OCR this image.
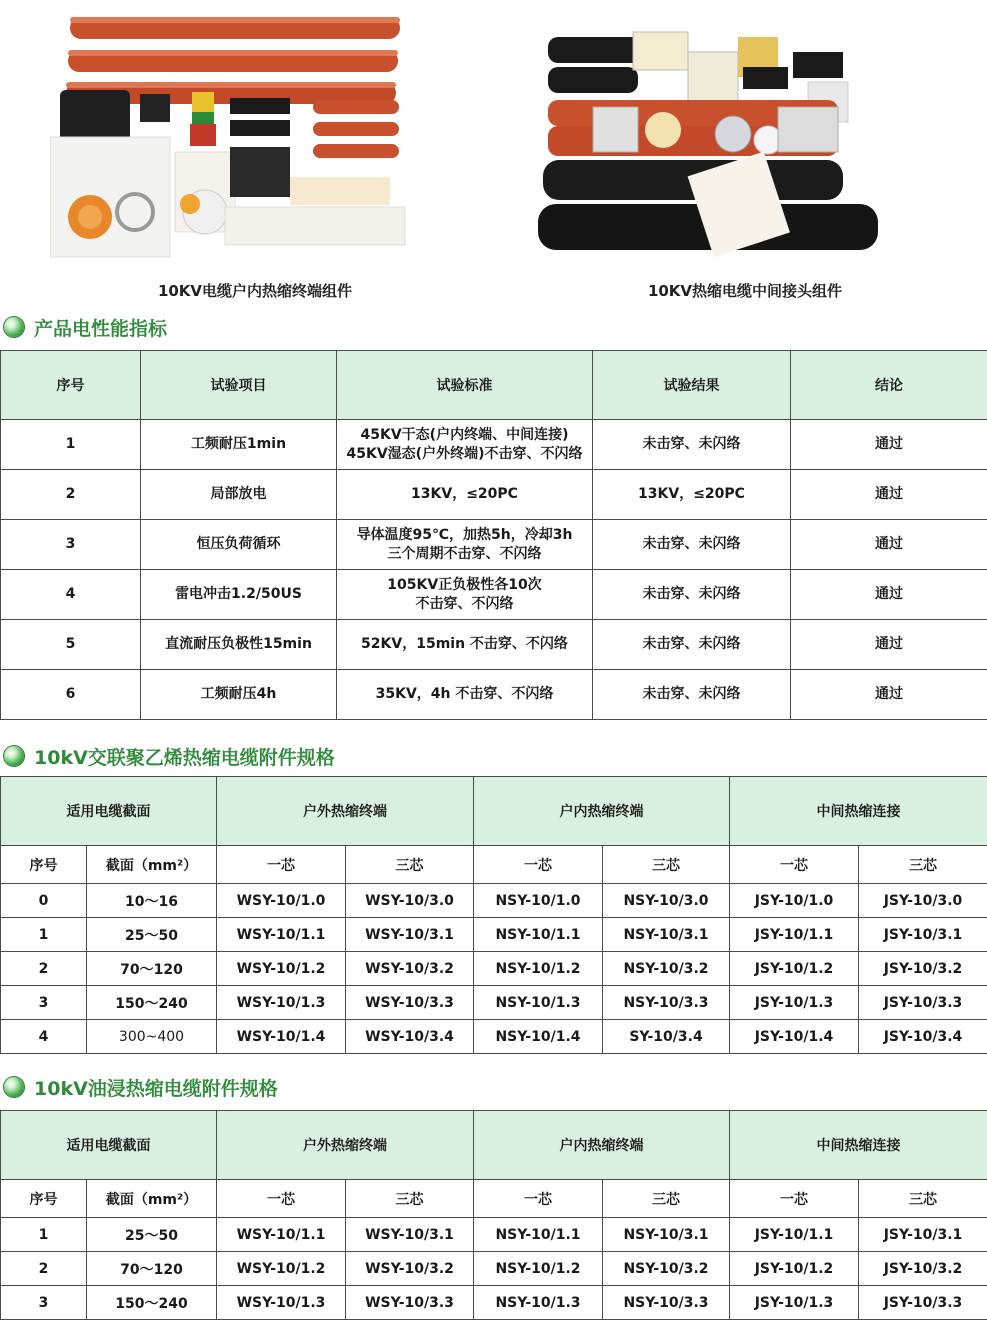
10KV电缆户内热缩终端组件	10KV热缩电缆中间接头组件
产品电性能指标
序号	试验项目	试验标准	试验结果	结论
1	工频耐压1min	45KV干态(户内终端、中间连接)
45KV湿态(户外终端)不击穿、不闪络	未击穿、未闪络	通过
2	局部放电	13KV，≤20PC	13KV，≤20PC	通过
3	恒压负荷循环	导体温度95℃，加热5h，冷却3h
三个周期不击穿、不闪络	未击穿、未闪络	通过
4	雷电冲击1.2/50US	105KV正负极性各10次
不击穿、不闪络	未击穿、未闪络	通过
5	直流耐压负极性15min	52KV，15min 不击穿、不闪络	未击穿、未闪络	通过
6	工频耐压4h	35KV，4h 不击穿、不闪络	未击穿、未闪络	通过
10kV交联聚乙烯热缩电缆附件规格
适用电缆截面		户外热缩终端		户内热缩终端		中间热缩连接	
序号	截面（mm²）	一芯	三芯	一芯	三芯	一芯	三芯
0	10～16	WSY-10/1.0	WSY-10/3.0	NSY-10/1.0	NSY-10/3.0	JSY-10/1.0	JSY-10/3.0
1	25～50	WSY-10/1.1	WSY-10/3.1	NSY-10/1.1	NSY-10/3.1	JSY-10/1.1	JSY-10/3.1
2	70～120	WSY-10/1.2	WSY-10/3.2	NSY-10/1.2	NSY-10/3.2	JSY-10/1.2	JSY-10/3.2
3	150～240	WSY-10/1.3	WSY-10/3.3	NSY-10/1.3	NSY-10/3.3	JSY-10/1.3	JSY-10/3.3
4	300~400	WSY-10/1.4	WSY-10/3.4	NSY-10/1.4	SY-10/3.4	JSY-10/1.4	JSY-10/3.4
10kV油浸热缩电缆附件规格
适用电缆截面		户外热缩终端		户内热缩终端		中间热缩连接	
序号	截面（mm²）	一芯	三芯	一芯	三芯	一芯	三芯
1	25～50	WSY-10/1.1	WSY-10/3.1	NSY-10/1.1	NSY-10/3.1	JSY-10/1.1	JSY-10/3.1
2	70～120	WSY-10/1.2	WSY-10/3.2	NSY-10/1.2	NSY-10/3.2	JSY-10/1.2	JSY-10/3.2
3	150～240	WSY-10/1.3	WSY-10/3.3	NSY-10/1.3	NSY-10/3.3	JSY-10/1.3	JSY-10/3.3
